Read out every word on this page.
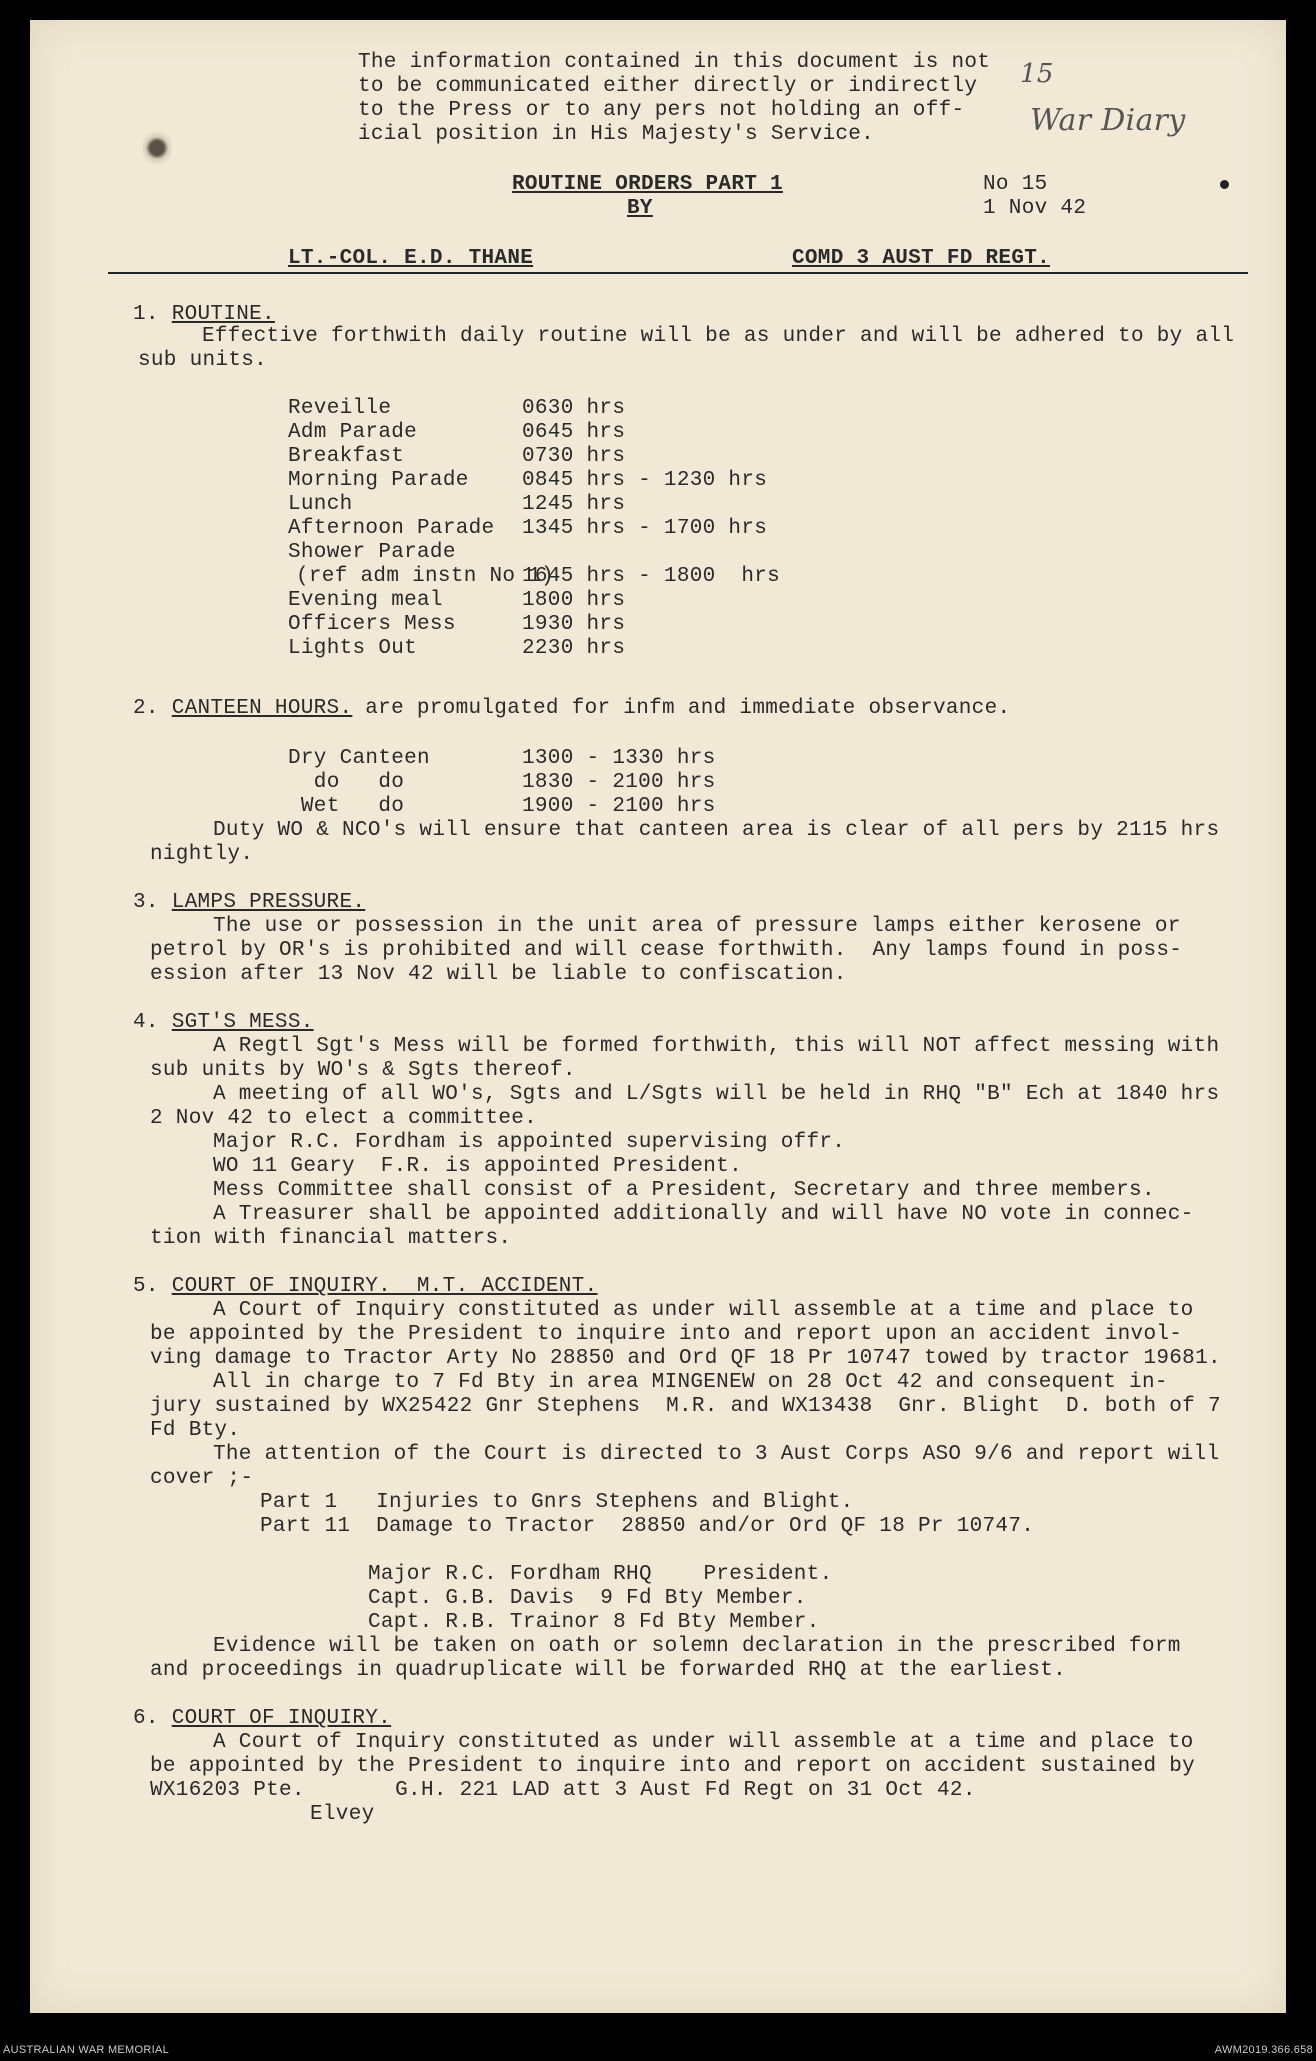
The information contained in this document is not
to be communicated either directly or indirectly
to the Press or to any pers not holding an off-
icial position in His Majesty's Service.
15
War Diary
ROUTINE ORDERS PART 1
BY
No 15
1 Nov 42
LT.-COL. E.D. THANE	COMD 3 AUST FD REGT.
1. ROUTINE.
Effective forthwith daily routine will be as under and will be adhered to by all
sub units.
Reveille	0630 hrs
Adm Parade	0645 hrs
Breakfast	0730 hrs
Morning Parade	0845 hrs - 1230 hrs
Lunch	1245 hrs
Afternoon Parade 1345 hrs - 1700 hrs
Shower Parade
(ref adm instn No 1)
1645 hrs - 1800  hrs
Evening meal	1800 hrs
Officers Mess	1930 hrs
Lights Out	2230 hrs
2. CANTEEN HOURS. are promulgated for infm and immediate observance.
Dry Canteen	1300 - 1330 hrs
do   do	1830 - 2100 hrs
Wet   do	1900 - 2100 hrs
Duty WO & NCO's will ensure that canteen area is clear of all pers by 2115 hrs
nightly.
3. LAMPS PRESSURE.
The use or possession in the unit area of pressure lamps either kerosene or
petrol by OR's is prohibited and will cease forthwith.  Any lamps found in poss-
ession after 13 Nov 42 will be liable to confiscation.
4. SGT'S MESS.
A Regtl Sgt's Mess will be formed forthwith, this will NOT affect messing with
sub units by WO's & Sgts thereof.
A meeting of all WO's, Sgts and L/Sgts will be held in RHQ "B" Ech at 1840 hrs
2 Nov 42 to elect a committee.
Major R.C. Fordham is appointed supervising offr.
WO 11 Geary  F.R. is appointed President.
Mess Committee shall consist of a President, Secretary and three members.
A Treasurer shall be appointed additionally and will have NO vote in connec-
tion with financial matters.
5. COURT OF INQUIRY.  M.T. ACCIDENT.
A Court of Inquiry constituted as under will assemble at a time and place to
be appointed by the President to inquire into and report upon an accident invol-
ving damage to Tractor Arty No 28850 and Ord QF 18 Pr 10747 towed by tractor 19681.
All in charge to 7 Fd Bty in area MINGENEW on 28 Oct 42 and consequent in-
jury sustained by WX25422 Gnr Stephens  M.R. and WX13438  Gnr. Blight  D. both of 7
Fd Bty.
The attention of the Court is directed to 3 Aust Corps ASO 9/6 and report will
cover ;-
Part 1   Injuries to Gnrs Stephens and Blight.
Part 11  Damage to Tractor  28850 and/or Ord QF 18 Pr 10747.
Major R.C. Fordham RHQ    President.
Capt. G.B. Davis  9 Fd Bty Member.
Capt. R.B. Trainor 8 Fd Bty Member.
Evidence will be taken on oath or solemn declaration in the prescribed form
and proceedings in quadruplicate will be forwarded RHQ at the earliest.
6. COURT OF INQUIRY.
A Court of Inquiry constituted as under will assemble at a time and place to
be appointed by the President to inquire into and report on accident sustained by
WX16203 Pte.       G.H. 221 LAD att 3 Aust Fd Regt on 31 Oct 42.
Elvey
AUSTRALIAN WAR MEMORIAL	AWM2019.366.658
